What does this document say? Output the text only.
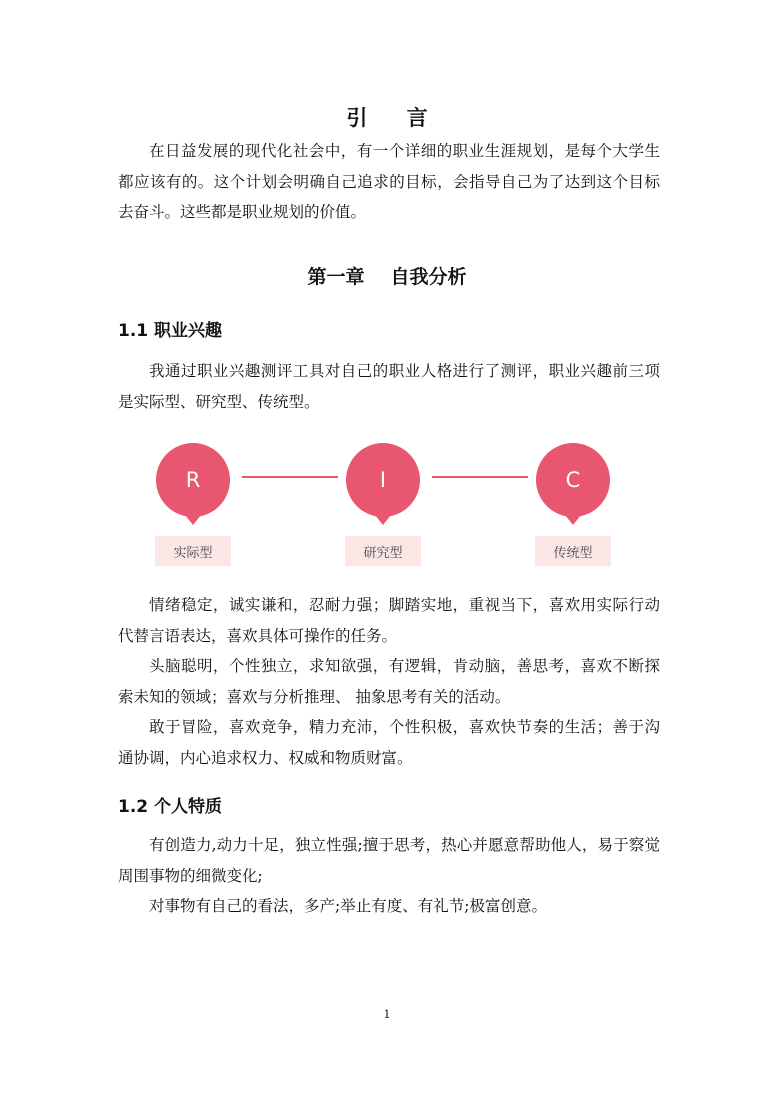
引 言

在日益发展的现代化社会中，有一个详细的职业生涯规划，是每个大学生都应该有的。这个计划会明确自己追求的目标，会指导自己为了达到这个目标去奋斗。这些都是职业规划的价值。

第一章 自我分析
1.1 职业兴趣

我通过职业兴趣测评工具对自己的职业人格进行了测评，职业兴趣前三项是实际型、研究型、传统型。

R
实际型
I
研究型
C
传统型

情绪稳定，诚实谦和，忍耐力强；脚踏实地，重视当下，喜欢用实际行动代替言语表达，喜欢具体可操作的任务。

头脑聪明，个性独立，求知欲强，有逻辑，肯动脑，善思考，喜欢不断探索未知的领域；喜欢与分析推理、 抽象思考有关的活动。

敢于冒险，喜欢竞争，精力充沛，个性积极，喜欢快节奏的生活；善于沟通协调，内心追求权力、权威和物质财富。

1.2 个人特质

有创造力,动力十足，独立性强;擅于思考，热心并愿意帮助他人，易于察觉周围事物的细微变化;

对事物有自己的看法，多产;举止有度、有礼节;极富创意。

1
